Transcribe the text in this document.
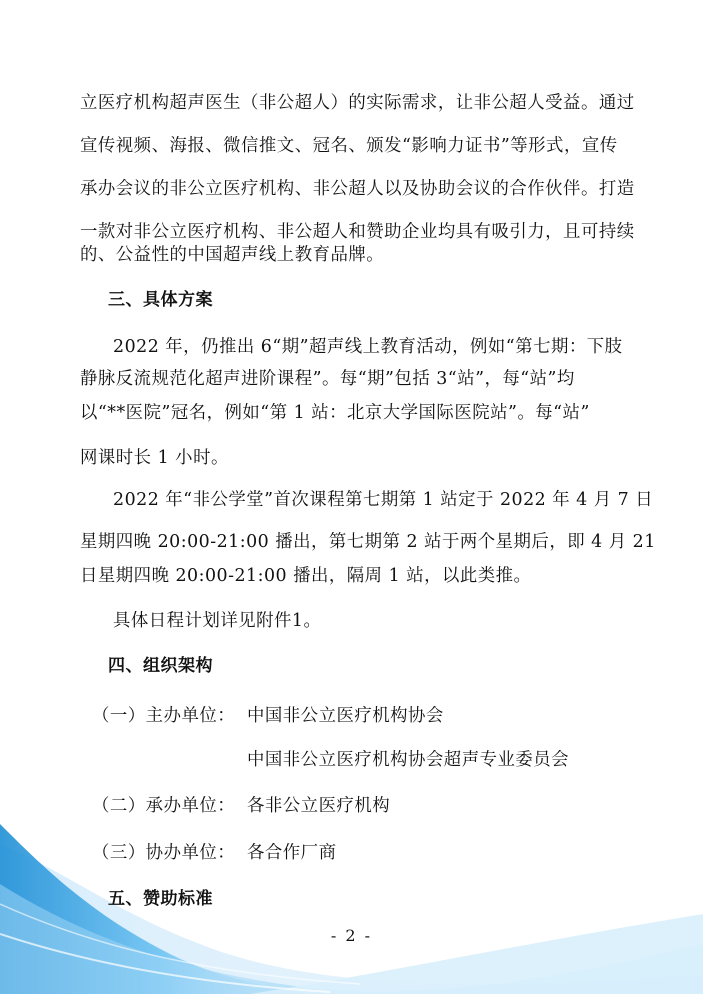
立医疗机构超声医生（非公超人）的实际需求，让非公超人受益。通过
宣传视频、海报、微信推文、冠名、颁发“影响力证书”等形式，宣传
承办会议的非公立医疗机构、非公超人以及协助会议的合作伙伴。打造
一款对非公立医疗机构、非公超人和赞助企业均具有吸引力，且可持续
的、公益性的中国超声线上教育品牌。
三、具体方案
2022 年，仍推出 6“期”超声线上教育活动，例如“第七期：下肢
静脉反流规范化超声进阶课程”。每“期”包括 3“站”，每“站”均
以“**医院”冠名，例如“第 1 站：北京大学国际医院站”。每“站”
网课时长 1 小时。
2022 年“非公学堂”首次课程第七期第 1 站定于 2022 年 4 月 7 日
星期四晚 20:00-21:00 播出，第七期第 2 站于两个星期后，即 4 月 21
日星期四晚 20:00-21:00 播出，隔周 1 站，以此类推。
具体日程计划详见附件1。
四、组织架构
（一）主办单位： 中国非公立医疗机构协会
中国非公立医疗机构协会超声专业委员会
（二）承办单位： 各非公立医疗机构
（三）协办单位： 各合作厂商
五、赞助标准
- 2 -
